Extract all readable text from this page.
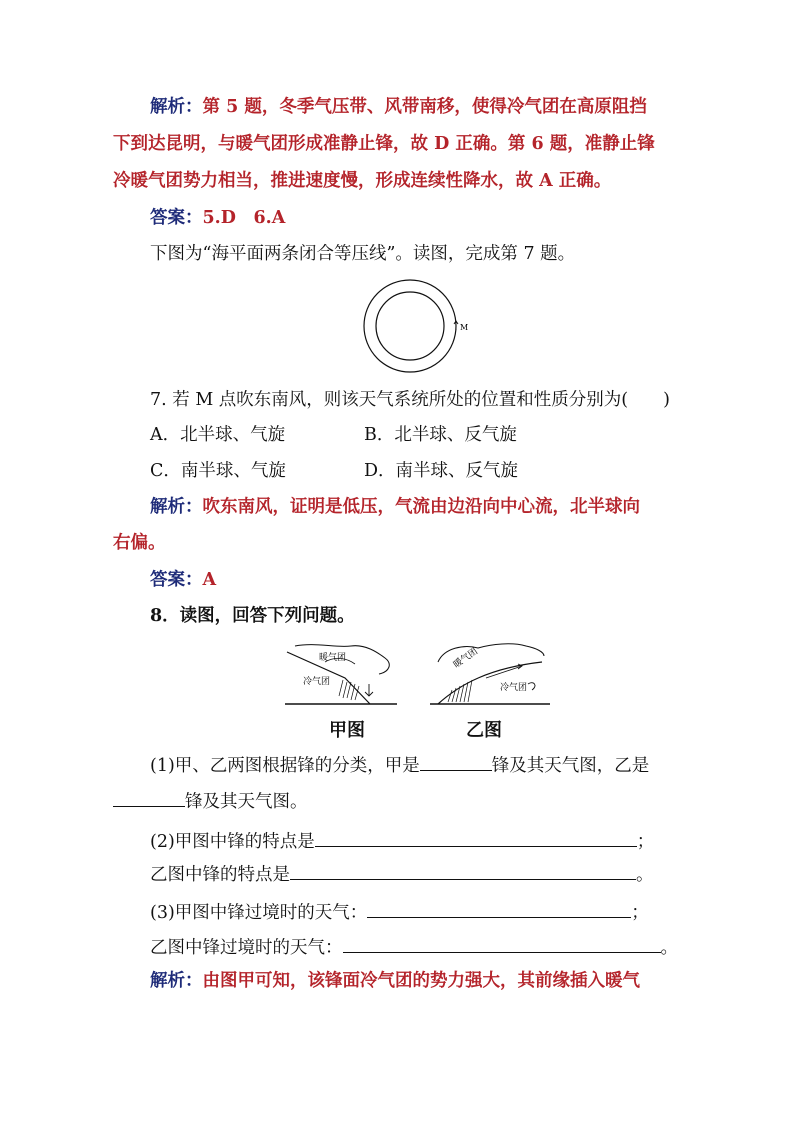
解析：第 5 题，冬季气压带、风带南移，使得冷气团在高原阻挡
下到达昆明，与暖气团形成准静止锋，故 D 正确。第 6 题，准静止锋
冷暖气团势力相当，推进速度慢，形成连续性降水，故 A 正确。
答案：5.D　6.A
下图为“海平面两条闭合等压线”。读图，完成第 7 题。
M
7. 若 M 点吹东南风，则该天气系统所处的位置和性质分别为(　　)
A．北半球、气旋	B．北半球、反气旋
C．南半球、气旋	D．南半球、反气旋
解析：吹东南风，证明是低压，气流由边沿向中心流，北半球向
右偏。
答案：A
8．读图，回答下列问题。
暖气团
冷气团
甲图
暖气团
冷气团
乙图
(1)甲、乙两图根据锋的分类，甲是	锋及其天气图，乙是
锋及其天气图。
(2)甲图中锋的特点是	；
乙图中锋的特点是	。
(3)甲图中锋过境时的天气：	；
乙图中锋过境时的天气：	。
解析：由图甲可知，该锋面冷气团的势力强大，其前缘插入暖气
